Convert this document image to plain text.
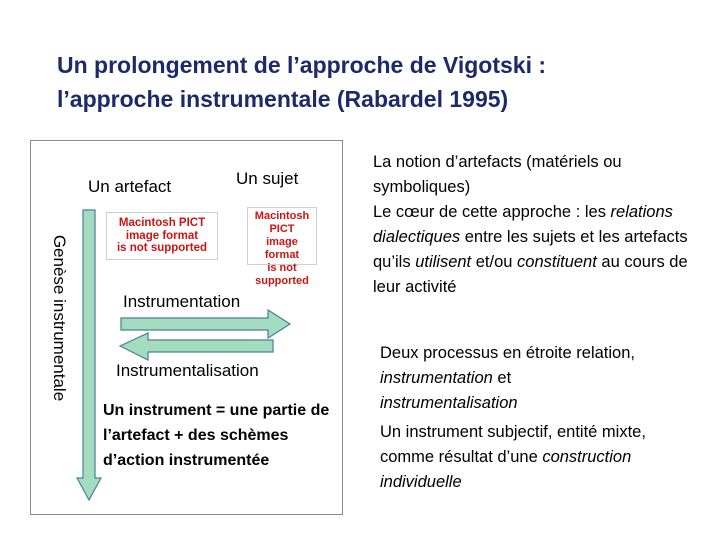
Un prolongement de l’approche de Vigotski :
l’approche instrumentale (Rabardel 1995)
Un artefact	Un sujet
Genèse instrumentale
Macintosh PICT
image format
is not supported
Macintosh PICT
image format
is not supported
Instrumentation
Instrumentalisation
Un instrument = une partie de l’artefact + des schèmes d’action instrumentée

La notion d’artefacts (matériels ou symboliques)

Le cœur de cette approche : les relations dialectiques entre les sujets et les artefacts qu’ils utilisent et/ou constituent au cours de leur activité

Deux processus en étroite relation, instrumentation et instrumentalisation

Un instrument subjectif, entité mixte, comme résultat d’une construction individuelle
